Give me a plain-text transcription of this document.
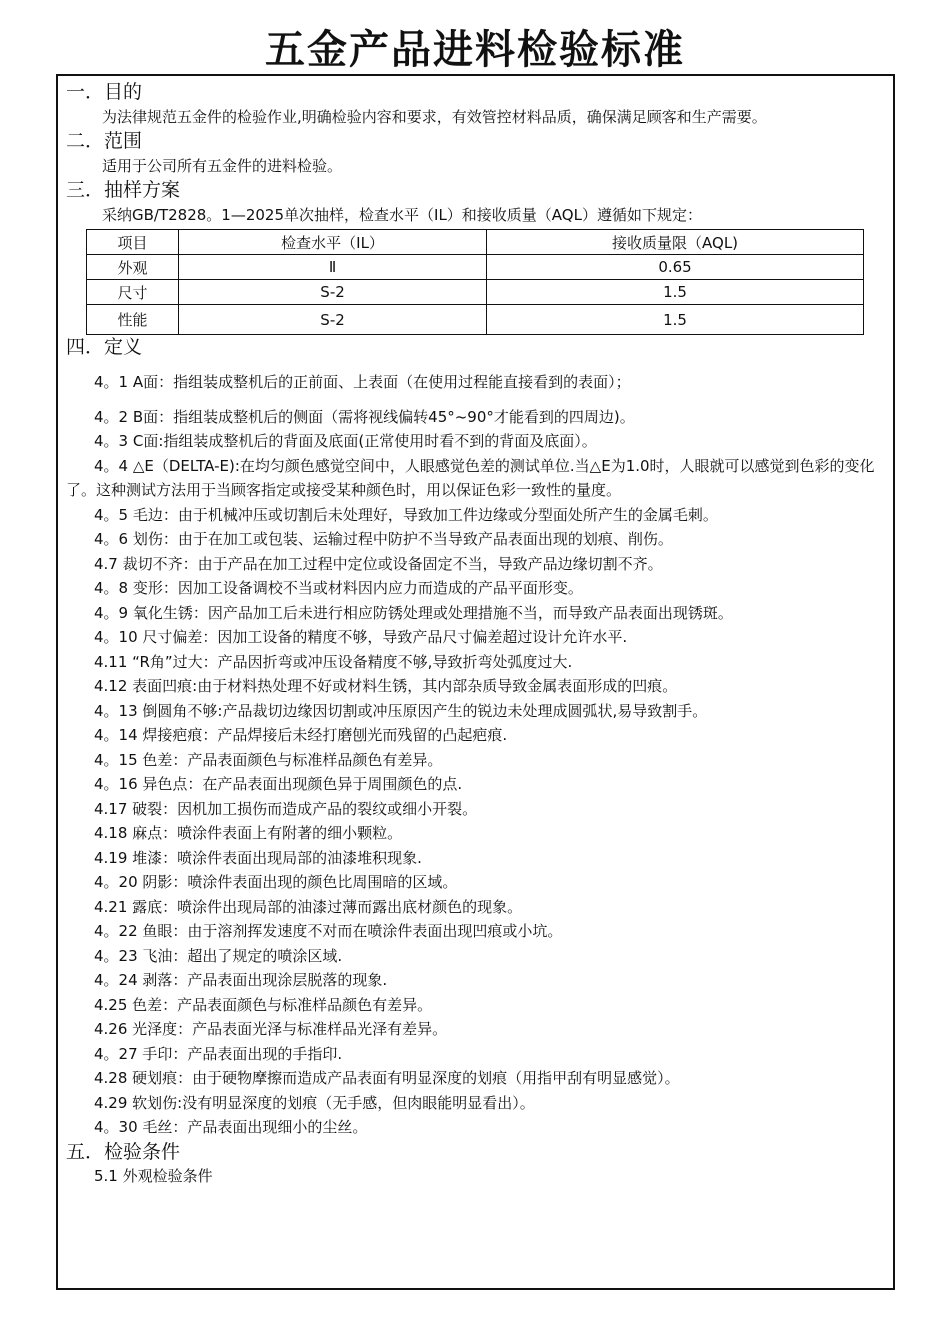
五金产品进料检验标准

一．目的

为法律规范五金件的检验作业,明确检验内容和要求，有效管控材料品质，确保满足顾客和生产需要。

二．范围

适用于公司所有五金件的进料检验。

三．抽样方案

采纳GB/T2828。1—2025单次抽样，检查水平（IL）和接收质量（AQL）遵循如下规定：

项目	检查水平（IL）	接收质量限（AQL)
外观	Ⅱ	0.65
尺寸	S-2	1.5
性能	S-2	1.5

四．定义

4。1 A面：指组装成整机后的正前面、上表面（在使用过程能直接看到的表面）；

4。2 B面：指组装成整机后的侧面（需将视线偏转45°~90°才能看到的四周边)。

4。3 C面:指组装成整机后的背面及底面(正常使用时看不到的背面及底面）。

4。4 △E（DELTA-E):在均匀颜色感觉空间中，人眼感觉色差的测试单位.当△E为1.0时，人眼就可以感觉到色彩的变化了。这种测试方法用于当顾客指定或接受某种颜色时，用以保证色彩一致性的量度。

4。5 毛边：由于机械冲压或切割后未处理好，导致加工件边缘或分型面处所产生的金属毛刺。

4。6 划伤：由于在加工或包装、运输过程中防护不当导致产品表面出现的划痕、削伤。

4.7 裁切不齐：由于产品在加工过程中定位或设备固定不当，导致产品边缘切割不齐。

4。8 变形：因加工设备调校不当或材料因内应力而造成的产品平面形变。

4。9 氧化生锈：因产品加工后未进行相应防锈处理或处理措施不当，而导致产品表面出现锈斑。

4。10 尺寸偏差：因加工设备的精度不够，导致产品尺寸偏差超过设计允许水平.

4.11 “R角”过大：产品因折弯或冲压设备精度不够,导致折弯处弧度过大.

4.12 表面凹痕:由于材料热处理不好或材料生锈，其内部杂质导致金属表面形成的凹痕。

4。13 倒圆角不够:产品裁切边缘因切割或冲压原因产生的锐边未处理成圆弧状,易导致割手。

4。14 焊接疤痕：产品焊接后未经打磨刨光而残留的凸起疤痕.

4。15 色差：产品表面颜色与标准样品颜色有差异。

4。16 异色点：在产品表面出现颜色异于周围颜色的点.

4.17 破裂：因机加工损伤而造成产品的裂纹或细小开裂。

4.18 麻点：喷涂件表面上有附著的细小颗粒。

4.19 堆漆：喷涂件表面出现局部的油漆堆积现象.

4。20 阴影：喷涂件表面出现的颜色比周围暗的区域。

4.21 露底：喷涂件出现局部的油漆过薄而露出底材颜色的现象。

4。22 鱼眼：由于溶剂挥发速度不对而在喷涂件表面出现凹痕或小坑。

4。23 飞油：超出了规定的喷涂区域.

4。24 剥落：产品表面出现涂层脱落的现象.

4.25 色差：产品表面颜色与标准样品颜色有差异。

4.26 光泽度：产品表面光泽与标准样品光泽有差异。

4。27 手印：产品表面出现的手指印.

4.28 硬划痕：由于硬物摩擦而造成产品表面有明显深度的划痕（用指甲刮有明显感觉）。

4.29 软划伤:没有明显深度的划痕（无手感，但肉眼能明显看出）。

4。30 毛丝：产品表面出现细小的尘丝。

五．检验条件

5.1 外观检验条件
